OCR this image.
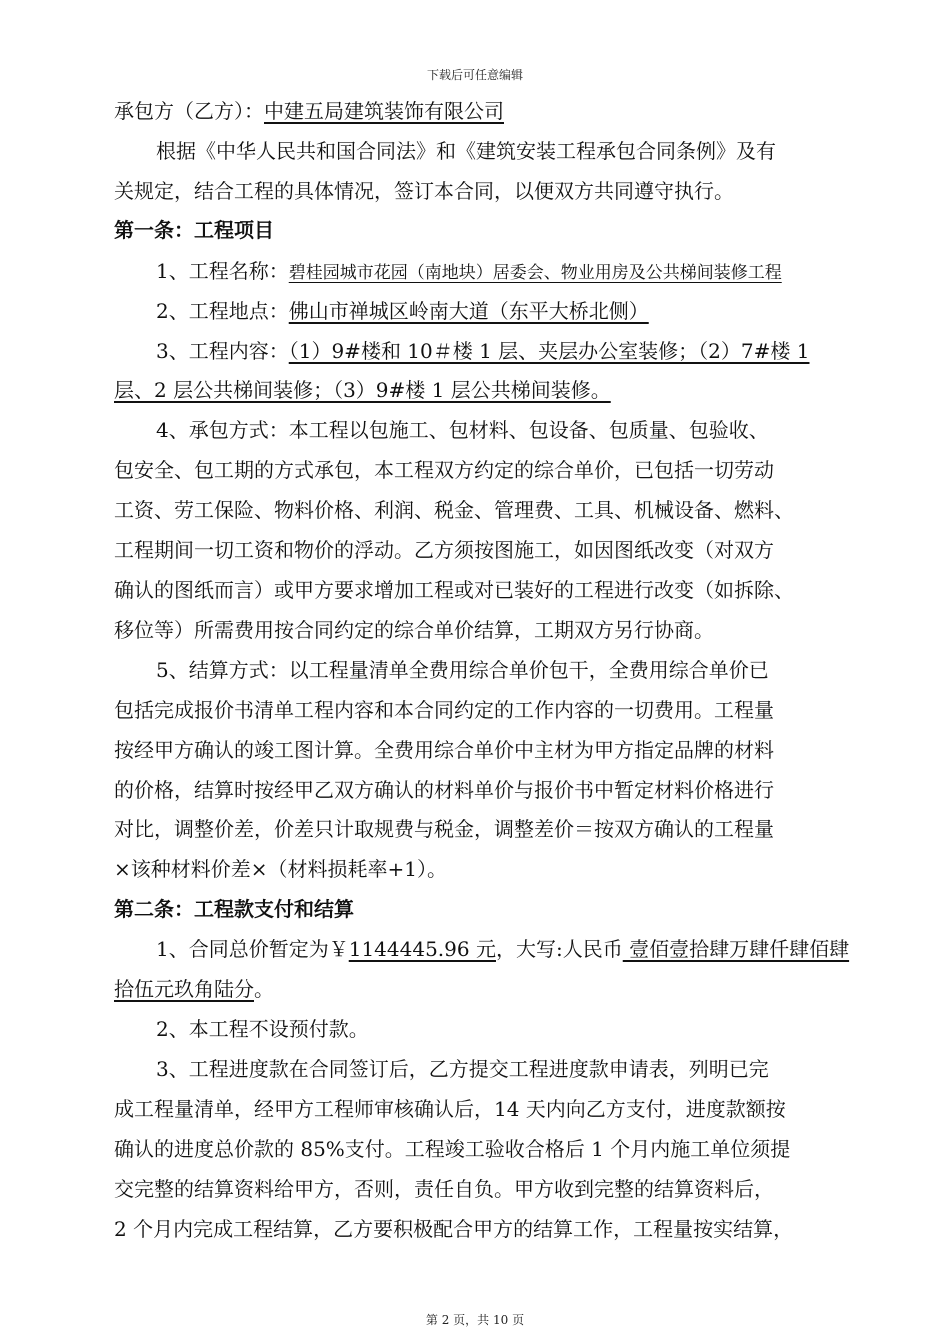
下载后可任意编辑
承包方（乙方）：中建五局建筑装饰有限公司
根据《中华人民共和国合同法》和《建筑安装工程承包合同条例》及有
关规定，结合工程的具体情况，签订本合同，以便双方共同遵守执行。
第一条：工程项目
1、工程名称：碧桂园城市花园（南地块）居委会、物业用房及公共梯间装修工程
2、工程地点：佛山市禅城区岭南大道（东平大桥北侧）
3、工程内容：（1）9#楼和 10＃楼 1 层、夹层办公室装修；（2）7#楼 1
层、2 层公共梯间装修；（3）9#楼 1 层公共梯间装修。
4、承包方式：本工程以包施工、包材料、包设备、包质量、包验收、
包安全、包工期的方式承包，本工程双方约定的综合单价，已包括一切劳动
工资、劳工保险、物料价格、利润、税金、管理费、工具、机械设备、燃料、
工程期间一切工资和物价的浮动。乙方须按图施工，如因图纸改变（对双方
确认的图纸而言）或甲方要求增加工程或对已装好的工程进行改变（如拆除、
移位等）所需费用按合同约定的综合单价结算，工期双方另行协商。
5、结算方式：以工程量清单全费用综合单价包干，全费用综合单价已
包括完成报价书清单工程内容和本合同约定的工作内容的一切费用。工程量
按经甲方确认的竣工图计算。全费用综合单价中主材为甲方指定品牌的材料
的价格，结算时按经甲乙双方确认的材料单价与报价书中暂定材料价格进行
对比，调整价差，价差只计取规费与税金，调整差价＝按双方确认的工程量
×该种材料价差×（材料损耗率+1）。
第二条：工程款支付和结算
1、合同总价暂定为￥1144445.96 元，大写:人民币 壹佰壹拾肆万肆仟肆佰肆
拾伍元玖角陆分。
2、本工程不设预付款。
3、工程进度款在合同签订后，乙方提交工程进度款申请表，列明已完
成工程量清单，经甲方工程师审核确认后，14 天内向乙方支付，进度款额按
确认的进度总价款的 85%支付。工程竣工验收合格后 1 个月内施工单位须提
交完整的结算资料给甲方，否则，责任自负。甲方收到完整的结算资料后，
2 个月内完成工程结算，乙方要积极配合甲方的结算工作，工程量按实结算，
第 2 页，共 10 页
